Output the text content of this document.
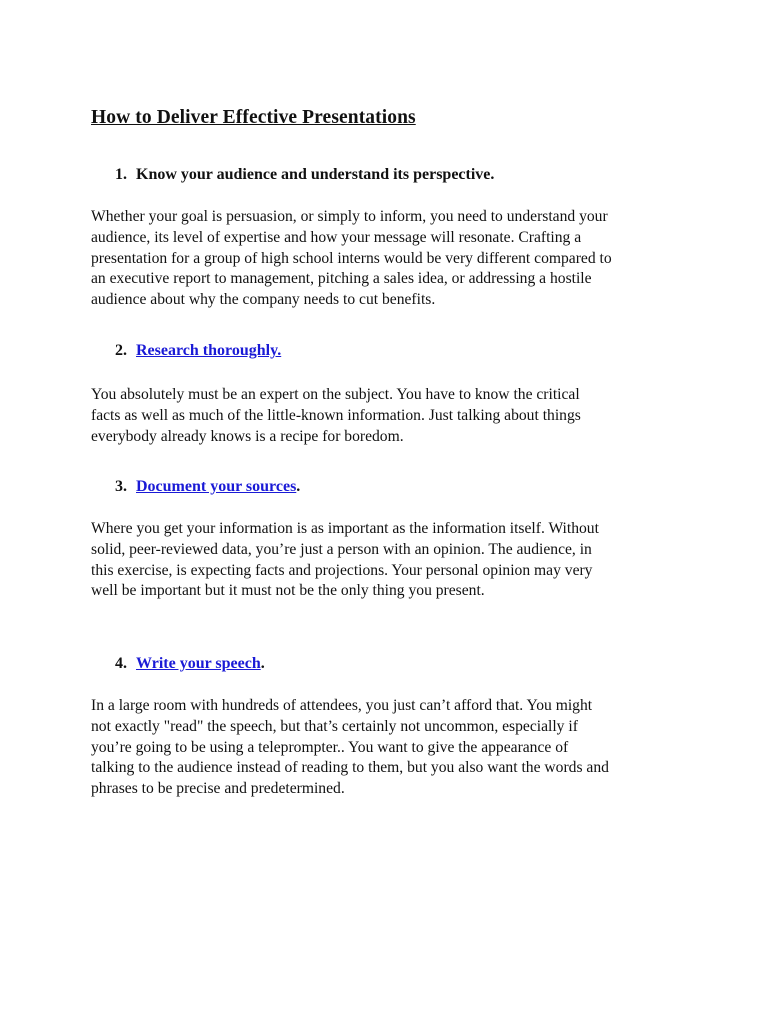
How to Deliver Effective Presentations

1. Know your audience and understand its perspective.

Whether your goal is persuasion, or simply to inform, you need to understand your
audience, its level of expertise and how your message will resonate. Crafting a
presentation for a group of high school interns would be very different compared to
an executive report to management, pitching a sales idea, or addressing a hostile
audience about why the company needs to cut benefits.

2. Research thoroughly.

You absolutely must be an expert on the subject. You have to know the critical
facts as well as much of the little-known information. Just talking about things
everybody already knows is a recipe for boredom.

3. Document your sources.

Where you get your information is as important as the information itself. Without
solid, peer-reviewed data, you’re just a person with an opinion. The audience, in
this exercise, is expecting facts and projections. Your personal opinion may very
well be important but it must not be the only thing you present.

4. Write your speech.

In a large room with hundreds of attendees, you just can’t afford that. You might
not exactly "read" the speech, but that’s certainly not uncommon, especially if
you’re going to be using a teleprompter.. You want to give the appearance of
talking to the audience instead of reading to them, but you also want the words and
phrases to be precise and predetermined.
